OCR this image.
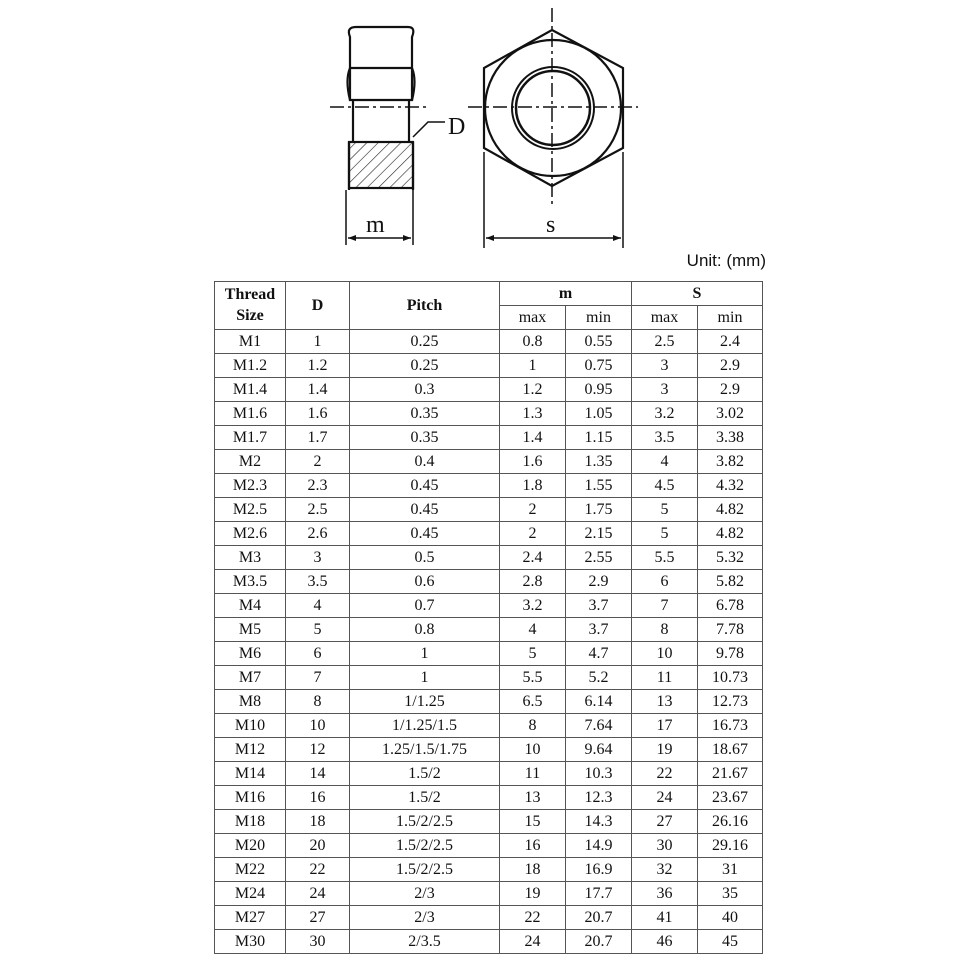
D
m	s
Unit: (mm)
Thread Size	D	Pitch	m		S	
			max	min	max	min
M1	1	0.25	0.8	0.55	2.5	2.4
M1.2	1.2	0.25	1	0.75	3	2.9
M1.4	1.4	0.3	1.2	0.95	3	2.9
M1.6	1.6	0.35	1.3	1.05	3.2	3.02
M1.7	1.7	0.35	1.4	1.15	3.5	3.38
M2	2	0.4	1.6	1.35	4	3.82
M2.3	2.3	0.45	1.8	1.55	4.5	4.32
M2.5	2.5	0.45	2	1.75	5	4.82
M2.6	2.6	0.45	2	2.15	5	4.82
M3	3	0.5	2.4	2.55	5.5	5.32
M3.5	3.5	0.6	2.8	2.9	6	5.82
M4	4	0.7	3.2	3.7	7	6.78
M5	5	0.8	4	3.7	8	7.78
M6	6	1	5	4.7	10	9.78
M7	7	1	5.5	5.2	11	10.73
M8	8	1/1.25	6.5	6.14	13	12.73
M10	10	1/1.25/1.5	8	7.64	17	16.73
M12	12	1.25/1.5/1.75	10	9.64	19	18.67
M14	14	1.5/2	11	10.3	22	21.67
M16	16	1.5/2	13	12.3	24	23.67
M18	18	1.5/2/2.5	15	14.3	27	26.16
M20	20	1.5/2/2.5	16	14.9	30	29.16
M22	22	1.5/2/2.5	18	16.9	32	31
M24	24	2/3	19	17.7	36	35
M27	27	2/3	22	20.7	41	40
M30	30	2/3.5	24	20.7	46	45
